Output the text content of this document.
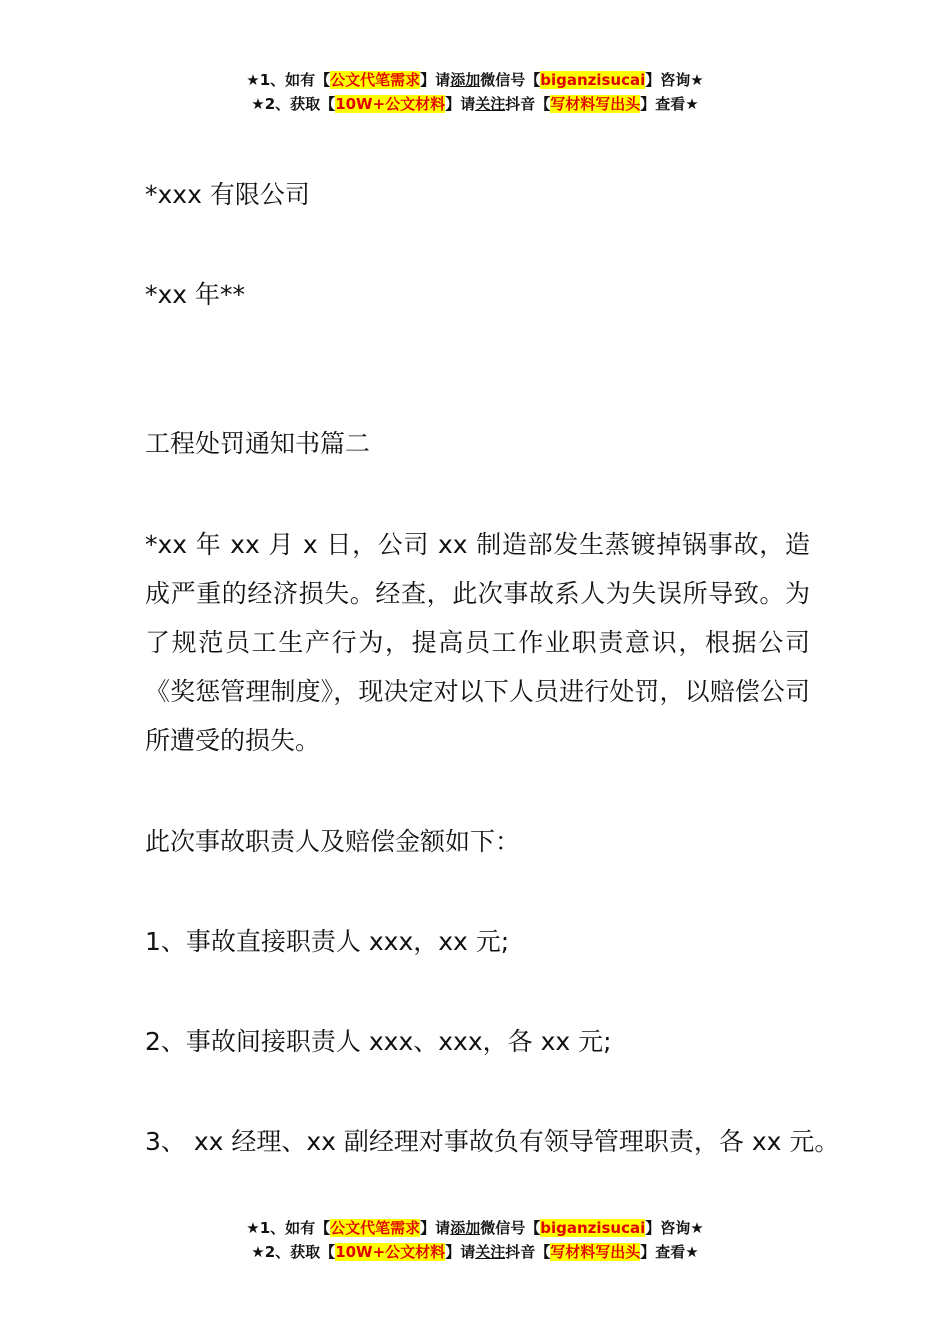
★1、如有【公文代笔需求】请添加微信号【biganzisucai】咨询★
★2、获取【10W+公文材料】请关注抖音【写材料写出头】查看★
*xxx 有限公司
*xx 年**
工程处罚通知书篇二
*xx 年 xx 月 x 日，公司 xx 制造部发生蒸镀掉锅事故，造成严重的经济损失。经查，此次事故系人为失误所导致。为了规范员工生产行为，提高员工作业职责意识，根据公司《奖惩管理制度》，现决定对以下人员进行处罚，以赔偿公司所遭受的损失。
此次事故职责人及赔偿金额如下：
1、事故直接职责人 xxx，xx 元;
2、事故间接职责人 xxx、xxx，各 xx 元;
3、 xx 经理、xx 副经理对事故负有领导管理职责，各 xx 元。
★1、如有【公文代笔需求】请添加微信号【biganzisucai】咨询★
★2、获取【10W+公文材料】请关注抖音【写材料写出头】查看★
